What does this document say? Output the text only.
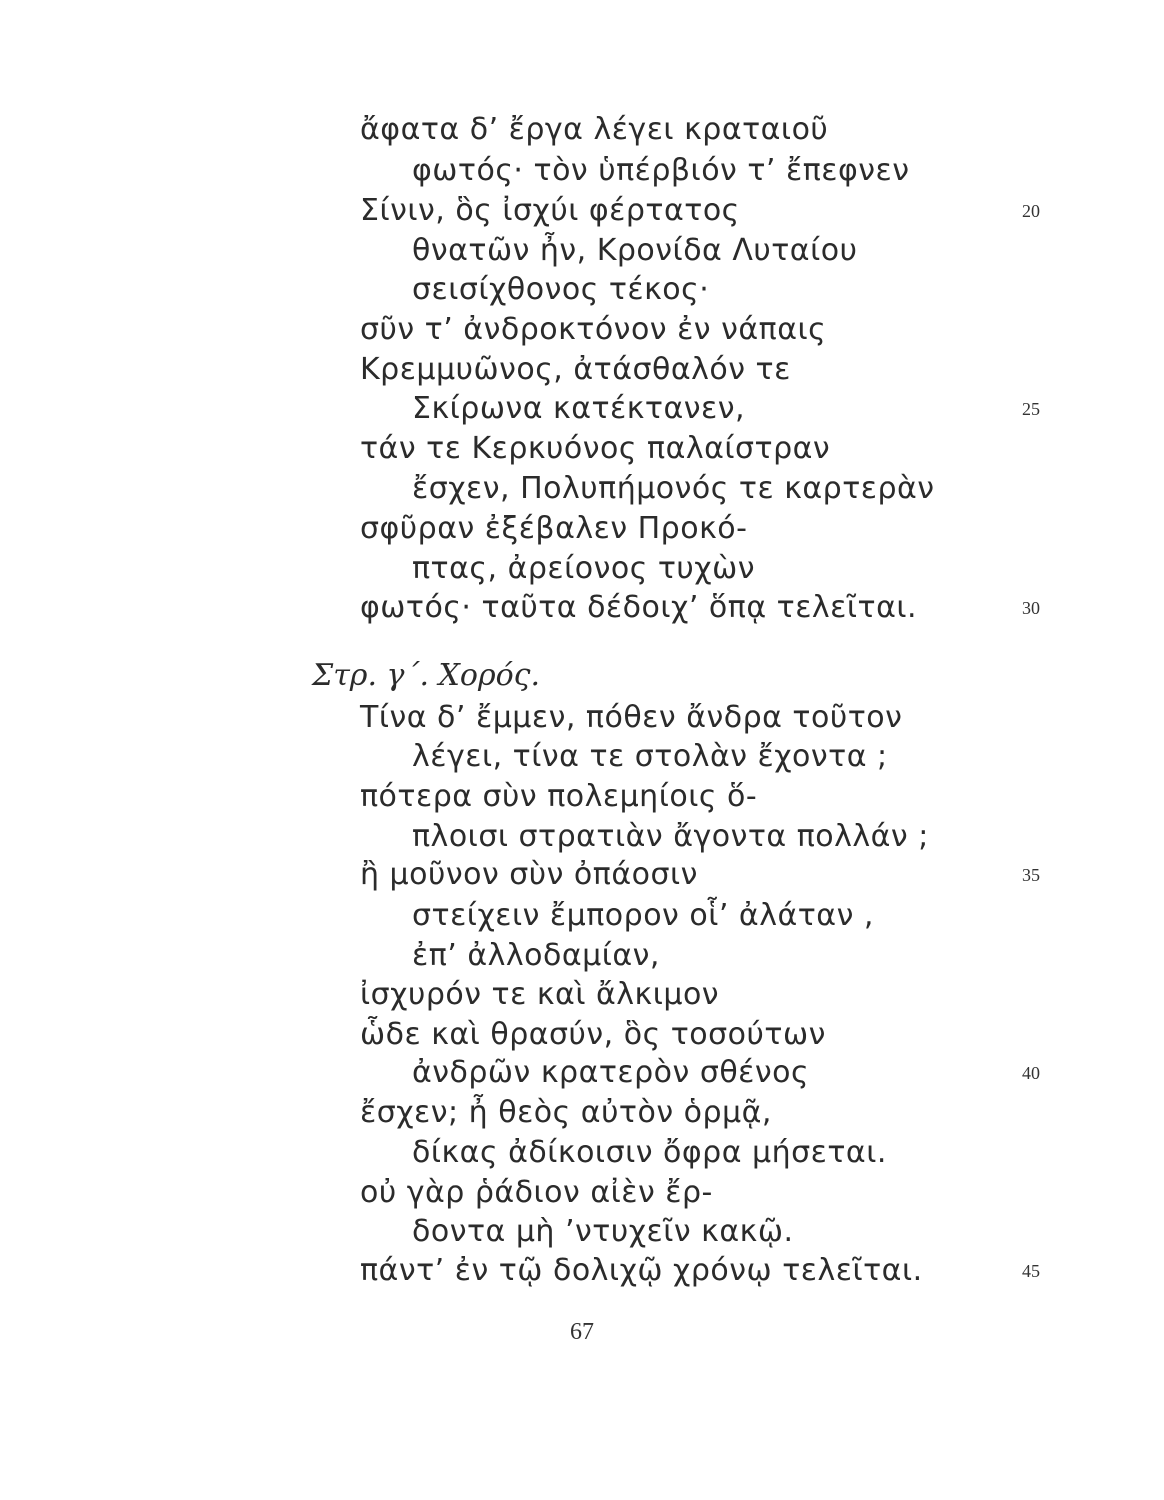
ἄφατα δ’ ἔργα λέγει κραταιοῦ
φωτός· τὸν ὑπέρβιόν τ’ ἔπεφνεν
Σίνιν, ὃς ἰσχύι φέρτατος	20
θνατῶν ἦν, Κρονίδα Λυταίου
σεισίχθονος τέκος·
σῦν τ’ ἀνδροκτόνον ἐν νάπαις
Κρεμμυῶνος, ἀτάσθαλόν τε
Σκίρωνα κατέκτανεν,	25
τάν τε Κερκυόνος παλαίστραν
ἔσχεν, Πολυπήμονός τε καρτερὰν
σφῦραν ἐξέβαλεν Προκό-
πτας, ἀρείονος τυχὼν
φωτός· ταῦτα δέδοιχ’ ὅπᾳ τελεῖται.	30
Στρ. γ΄. Χορός.
Τίνα δ’ ἔμμεν, πόθεν ἄνδρα τοῦτον
λέγει, τίνα τε στολὰν ἔχοντα ;
πότερα σὺν πολεμηίοις ὅ-
πλοισι στρατιὰν ἄγοντα πολλάν ;
ἢ μοῦνον σὺν ὀπάοσιν	35
στείχειν ἔμπορον οἷ’ ἀλάταν ,
ἐπ’ ἀλλοδαμίαν,
ἰσχυρόν τε καὶ ἄλκιμον
ὧδε καὶ θρασύν, ὃς τοσούτων
ἀνδρῶν κρατερὸν σθένος	40
ἔσχεν; ἦ θεὸς αὐτὸν ὁρμᾷ,
δίκας ἀδίκοισιν ὄφρα μήσεται.
οὐ γὰρ ῥάδιον αἰὲν ἔρ-
δοντα μὴ ’ντυχεῖν κακῷ.
πάντ’ ἐν τῷ δολιχῷ χρόνῳ τελεῖται.	45
67
